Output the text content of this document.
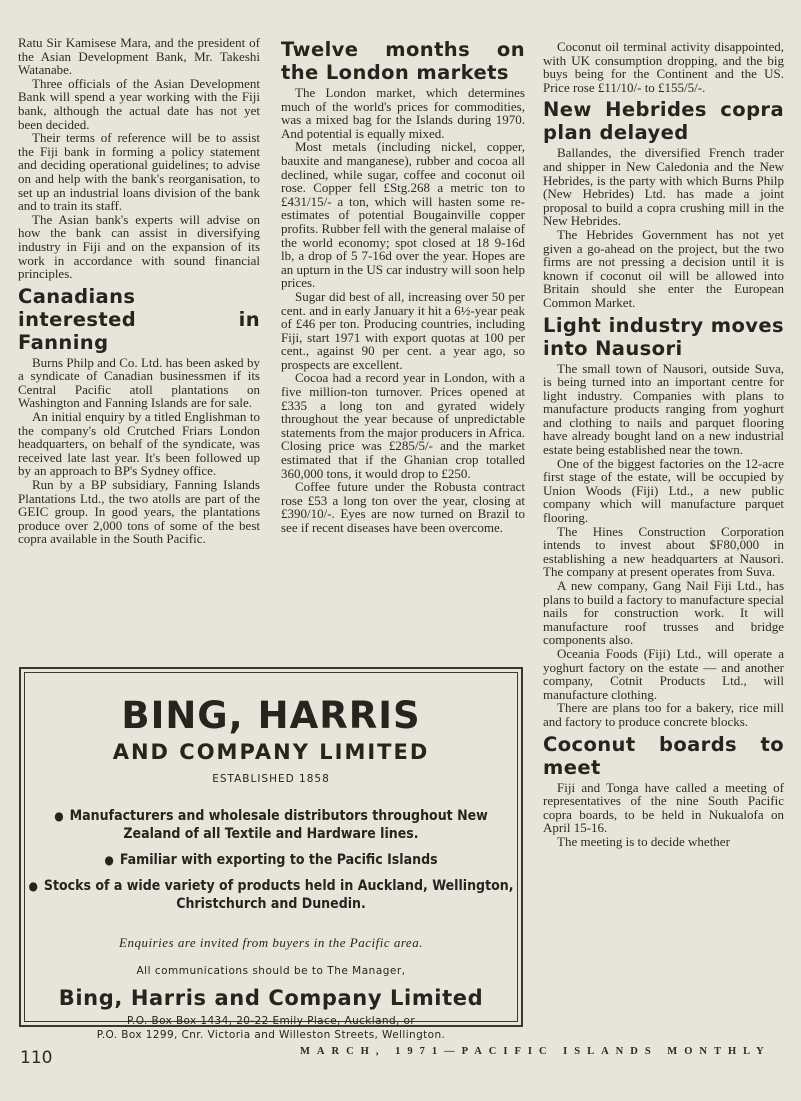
Ratu Sir Kamisese Mara, and the president of the Asian Development Bank, Mr. Takeshi Watanabe.

Three officials of the Asian Development Bank will spend a year working with the Fiji bank, although the actual date has not yet been decided.

Their terms of reference will be to assist the Fiji bank in forming a policy statement and deciding operational guidelines; to advise on and help with the bank's reorganisation, to set up an industrial loans division of the bank and to train its staff.

The Asian bank's experts will advise on how the bank can assist in diversifying industry in Fiji and on the expansion of its work in accordance with sound financial principles.

Canadians interested in Fanning

Burns Philp and Co. Ltd. has been asked by a syndicate of Canadian businessmen if its Central Pacific atoll plantations on Washington and Fanning Islands are for sale.

An initial enquiry by a titled Englishman to the company's old Crutched Friars London headquarters, on behalf of the syndicate, was received late last year. It's been followed up by an approach to BP's Sydney office.

Run by a BP subsidiary, Fanning Islands Plantations Ltd., the two atolls are part of the GEIC group. In good years, the plantations produce over 2,000 tons of some of the best copra available in the South Pacific.

Twelve months on the London markets

The London market, which determines much of the world's prices for commodities, was a mixed bag for the Islands during 1970. And potential is equally mixed.

Most metals (including nickel, copper, bauxite and manganese), rubber and cocoa all declined, while sugar, coffee and coconut oil rose. Copper fell £Stg.268 a metric ton to £431/15/- a ton, which will hasten some re-estimates of potential Bougainville copper profits. Rubber fell with the general malaise of the world economy; spot closed at 18 9-16d lb, a drop of 5 7-16d over the year. Hopes are an upturn in the US car industry will soon help prices.

Sugar did best of all, increasing over 50 per cent. and in early January it hit a 6½-year peak of £46 per ton. Producing countries, including Fiji, start 1971 with export quotas at 100 per cent., against 90 per cent. a year ago, so prospects are excellent.

Cocoa had a record year in London, with a five million-ton turnover. Prices opened at £335 a long ton and gyrated widely throughout the year because of unpredictable statements from the major producers in Africa. Closing price was £285/5/- and the market estimated that if the Ghanian crop totalled 360,000 tons, it would drop to £250.

Coffee future under the Robusta contract rose £53 a long ton over the year, closing at £390/10/-. Eyes are now turned on Brazil to see if recent diseases have been overcome.

Coconut oil terminal activity disappointed, with UK consumption dropping, and the big buys being for the Continent and the US. Price rose £11/10/- to £155/5/-.

New Hebrides copra plan delayed

Ballandes, the diversified French trader and shipper in New Caledonia and the New Hebrides, is the party with which Burns Philp (New Hebrides) Ltd. has made a joint proposal to build a copra crushing mill in the New Hebrides.

The Hebrides Government has not yet given a go-ahead on the project, but the two firms are not pressing a decision until it is known if coconut oil will be allowed into Britain should she enter the European Common Market.

Light industry moves into Nausori

The small town of Nausori, outside Suva, is being turned into an important centre for light industry. Companies with plans to manufacture products ranging from yoghurt and clothing to nails and parquet flooring have already bought land on a new industrial estate being established near the town.

One of the biggest factories on the 12-acre first stage of the estate, will be occupied by Union Woods (Fiji) Ltd., a new public company which will manufacture parquet flooring.

The Hines Construction Corporation intends to invest about $F80,000 in establishing a new headquarters at Nausori. The company at present operates from Suva.

A new company, Gang Nail Fiji Ltd., has plans to build a factory to manufacture special nails for construction work. It will manufacture roof trusses and bridge components also.

Oceania Foods (Fiji) Ltd., will operate a yoghurt factory on the estate — and another company, Cotnit Products Ltd., will manufacture clothing.

There are plans too for a bakery, rice mill and factory to produce concrete blocks.

Coconut boards to meet

Fiji and Tonga have called a meeting of representatives of the nine South Pacific copra boards, to be held in Nukualofa on April 15-16.

The meeting is to decide whether

BING, HARRIS
AND COMPANY LIMITED
ESTABLISHED 1858
● Manufacturers and wholesale distributors throughout New Zealand of all Textile and Hardware lines.
● Familiar with exporting to the Pacific Islands
● Stocks of a wide variety of products held in Auckland, Wellington, Christchurch and Dunedin.
Enquiries are invited from buyers in the Pacific area.
All communications should be to The Manager,
Bing, Harris and Company Limited
P.O. Box Box 1434, 20-22 Emily Place, Auckland, or
P.O. Box 1299, Cnr. Victoria and Willeston Streets, Wellington.
110	MARCH, 1971—PACIFIC ISLANDS MONTHLY
